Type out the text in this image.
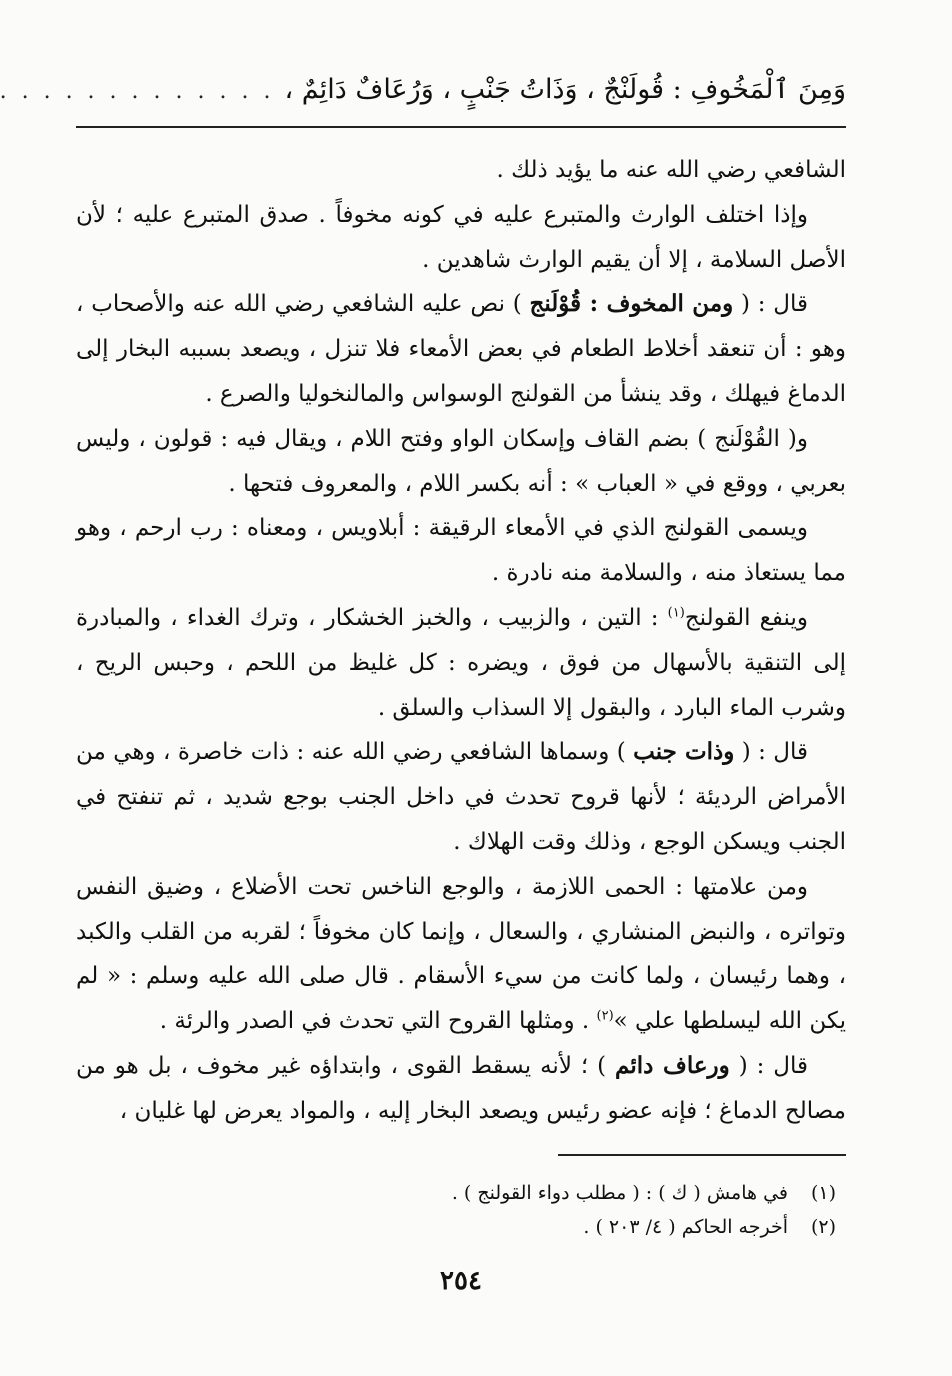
وَمِنَ ٱلْمَخُوفِ : قُولَنْجٌ ، وَذَاتُ جَنْبٍ ، وَرُعَافٌ دَائِمٌ ،
. . . . . . . . . . . . .

الشافعي رضي الله عنه ما يؤيد ذلك .

وإذا اختلف الوارث والمتبرع عليه في كونه مخوفاً . صدق المتبرع عليه ؛ لأن الأصل السلامة ، إلا أن يقيم الوارث شاهدين .

قال : ( ومن المخوف : قُوْلَنج ) نص عليه الشافعي رضي الله عنه والأصحاب ، وهو : أن تنعقد أخلاط الطعام في بعض الأمعاء فلا تنزل ، ويصعد بسببه البخار إلى الدماغ فيهلك ، وقد ينشأ من القولنج الوسواس والمالنخوليا والصرع .

و( القُوْلَنج ) بضم القاف وإسكان الواو وفتح اللام ، ويقال فيه : قولون ، وليس بعربي ، ووقع في « العباب » : أنه بكسر اللام ، والمعروف فتحها .

ويسمى القولنج الذي في الأمعاء الرقيقة : أبلاويس ، ومعناه : رب ارحم ، وهو مما يستعاذ منه ، والسلامة منه نادرة .

وينفع القولنج$^{(١)}$ : التين ، والزبيب ، والخبز الخشكار ، وترك الغداء ، والمبادرة إلى التنقية بالأسهال من فوق ، ويضره : كل غليظ من اللحم ، وحبس الريح ، وشرب الماء البارد ، والبقول إلا السذاب والسلق .

قال : ( وذات جنب ) وسماها الشافعي رضي الله عنه : ذات خاصرة ، وهي من الأمراض الرديئة ؛ لأنها قروح تحدث في داخل الجنب بوجع شديد ، ثم تنفتح في الجنب ويسكن الوجع ، وذلك وقت الهلاك .

ومن علامتها : الحمى اللازمة ، والوجع الناخس تحت الأضلاع ، وضيق النفس وتواتره ، والنبض المنشاري ، والسعال ، وإنما كان مخوفاً ؛ لقربه من القلب والكبد ، وهما رئيسان ، ولما كانت من سيء الأسقام . قال صلى الله عليه وسلم : « لم يكن الله ليسلطها علي »$^{(٢)}$ . ومثلها القروح التي تحدث في الصدر والرئة .

قال : ( ورعاف دائم ) ؛ لأنه يسقط القوى ، وابتداؤه غير مخوف ، بل هو من مصالح الدماغ ؛ فإنه عضو رئيس ويصعد البخار إليه ، والمواد يعرض لها غليان ،

(١)
في هامش ( ك ) : ( مطلب دواء القولنج ) .
(٢)
أخرجه الحاكم ( ٤/ ٢٠٣ ) .
٢٥٤
